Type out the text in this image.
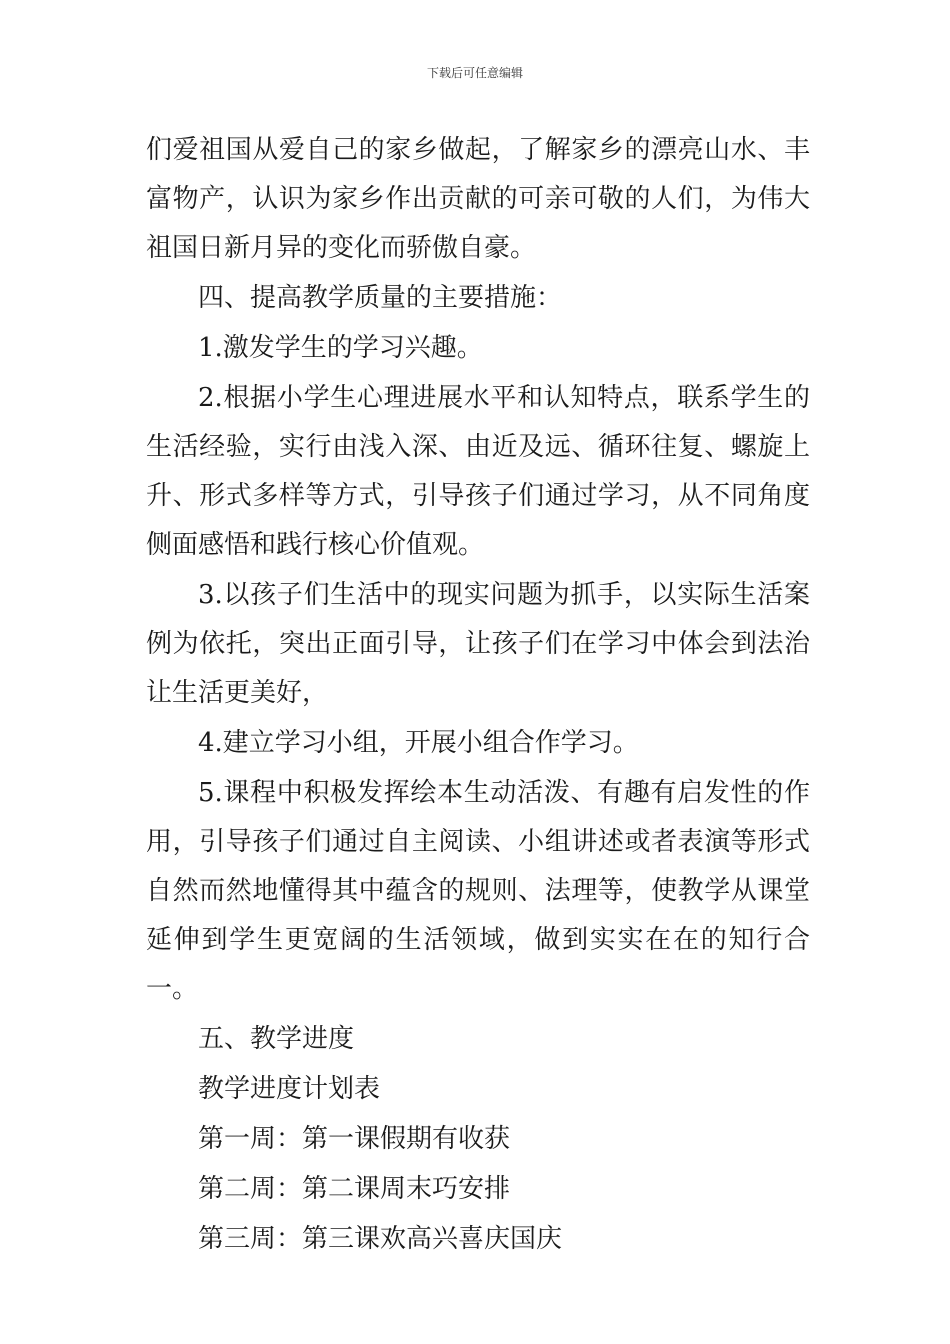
下载后可任意编辑

们爱祖国从爱自己的家乡做起，了解家乡的漂亮山水、丰富物产，认识为家乡作出贡献的可亲可敬的人们，为伟大祖国日新月异的变化而骄傲自豪。

四、提高教学质量的主要措施：

1.激发学生的学习兴趣。

2.根据小学生心理进展水平和认知特点，联系学生的生活经验，实行由浅入深、由近及远、循环往复、螺旋上升、形式多样等方式，引导孩子们通过学习，从不同角度侧面感悟和践行核心价值观。

3.以孩子们生活中的现实问题为抓手，以实际生活案例为依托，突出正面引导，让孩子们在学习中体会到法治让生活更美好，

4.建立学习小组，开展小组合作学习。

5.课程中积极发挥绘本生动活泼、有趣有启发性的作用，引导孩子们通过自主阅读、小组讲述或者表演等形式自然而然地懂得其中蕴含的规则、法理等，使教学从课堂延伸到学生更宽阔的生活领域，做到实实在在的知行合一。

五、教学进度

教学进度计划表

第一周：第一课假期有收获

第二周：第二课周末巧安排

第三周：第三课欢高兴喜庆国庆
